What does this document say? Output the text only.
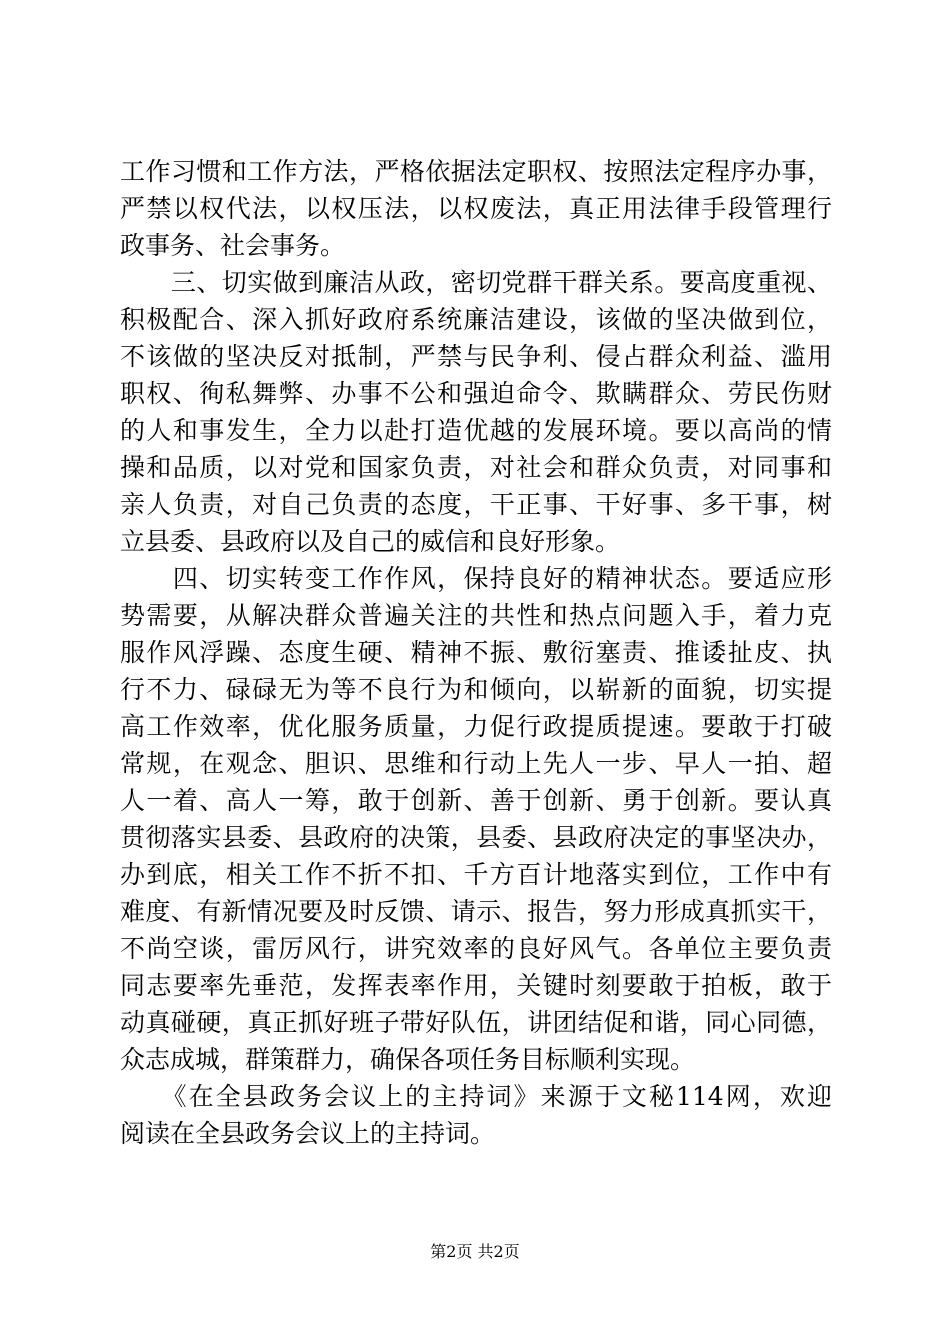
工作习惯和工作方法，严格依据法定职权、按照法定程序办事，
严禁以权代法，以权压法，以权废法，真正用法律手段管理行
政事务、社会事务。
　　三、切实做到廉洁从政，密切党群干群关系。要高度重视、
积极配合、深入抓好政府系统廉洁建设，该做的坚决做到位，
不该做的坚决反对抵制，严禁与民争利、侵占群众利益、滥用
职权、徇私舞弊、办事不公和强迫命令、欺瞒群众、劳民伤财
的人和事发生，全力以赴打造优越的发展环境。要以高尚的情
操和品质，以对党和国家负责，对社会和群众负责，对同事和
亲人负责，对自己负责的态度，干正事、干好事、多干事，树
立县委、县政府以及自己的威信和良好形象。
　　四、切实转变工作作风，保持良好的精神状态。要适应形
势需要，从解决群众普遍关注的共性和热点问题入手，着力克
服作风浮躁、态度生硬、精神不振、敷衍塞责、推诿扯皮、执
行不力、碌碌无为等不良行为和倾向，以崭新的面貌，切实提
高工作效率，优化服务质量，力促行政提质提速。要敢于打破
常规，在观念、胆识、思维和行动上先人一步、早人一拍、超
人一着、高人一筹，敢于创新、善于创新、勇于创新。要认真
贯彻落实县委、县政府的决策，县委、县政府决定的事坚决办，
办到底，相关工作不折不扣、千方百计地落实到位，工作中有
难度、有新情况要及时反馈、请示、报告，努力形成真抓实干，
不尚空谈，雷厉风行，讲究效率的良好风气。各单位主要负责
同志要率先垂范，发挥表率作用，关键时刻要敢于拍板，敢于
动真碰硬，真正抓好班子带好队伍，讲团结促和谐，同心同德，
众志成城，群策群力，确保各项任务目标顺利实现。
　　《在全县政务会议上的主持词》来源于文秘114网，欢迎
阅读在全县政务会议上的主持词。
第2页 共2页
